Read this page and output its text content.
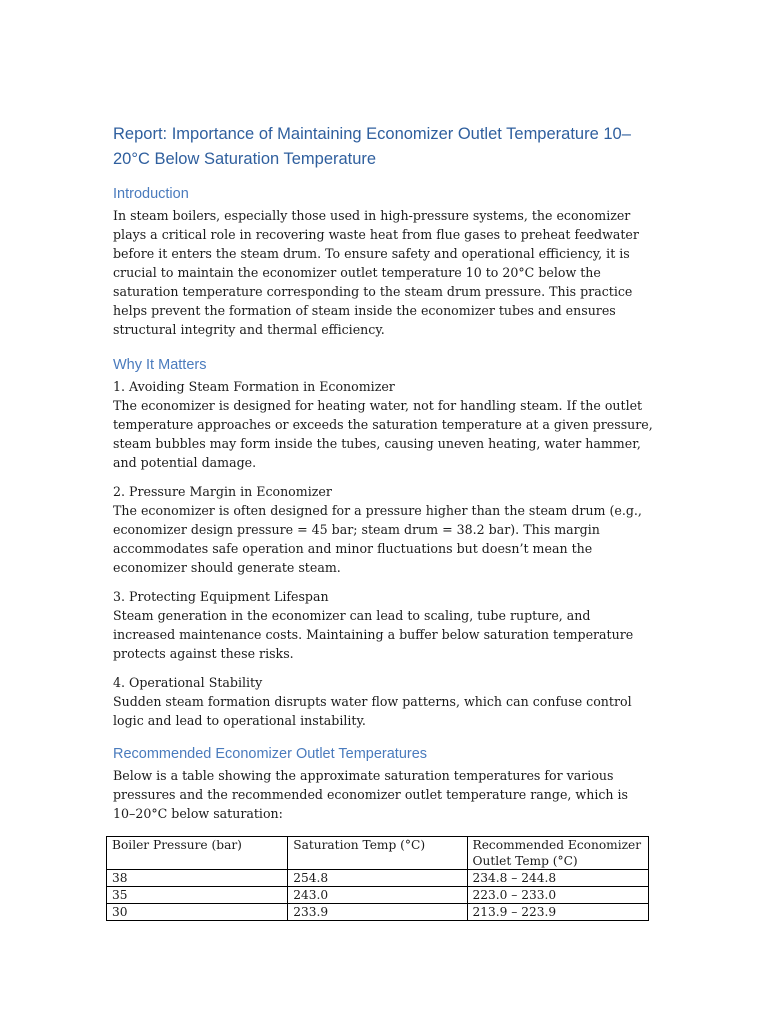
Report: Importance of Maintaining Economizer Outlet Temperature 10–20°C Below Saturation Temperature
Introduction

In steam boilers, especially those used in high-pressure systems, the economizer plays a critical role in recovering waste heat from flue gases to preheat feedwater before it enters the steam drum. To ensure safety and operational efficiency, it is crucial to maintain the economizer outlet temperature 10 to 20°C below the saturation temperature corresponding to the steam drum pressure. This practice helps prevent the formation of steam inside the economizer tubes and ensures structural integrity and thermal efficiency.

Why It Matters

1. Avoiding Steam Formation in Economizer
The economizer is designed for heating water, not for handling steam. If the outlet temperature approaches or exceeds the saturation temperature at a given pressure, steam bubbles may form inside the tubes, causing uneven heating, water hammer, and potential damage.

2. Pressure Margin in Economizer
The economizer is often designed for a pressure higher than the steam drum (e.g., economizer design pressure = 45 bar; steam drum = 38.2 bar). This margin accommodates safe operation and minor fluctuations but doesn’t mean the economizer should generate steam.

3. Protecting Equipment Lifespan
Steam generation in the economizer can lead to scaling, tube rupture, and increased maintenance costs. Maintaining a buffer below saturation temperature protects against these risks.

4. Operational Stability
Sudden steam formation disrupts water flow patterns, which can confuse control logic and lead to operational instability.

Recommended Economizer Outlet Temperatures

Below is a table showing the approximate saturation temperatures for various pressures and the recommended economizer outlet temperature range, which is 10–20°C below saturation:

Boiler Pressure (bar)	Saturation Temp (°C)	Recommended Economizer Outlet Temp (°C)
38	254.8	234.8 – 244.8
35	243.0	223.0 – 233.0
30	233.9	213.9 – 223.9
